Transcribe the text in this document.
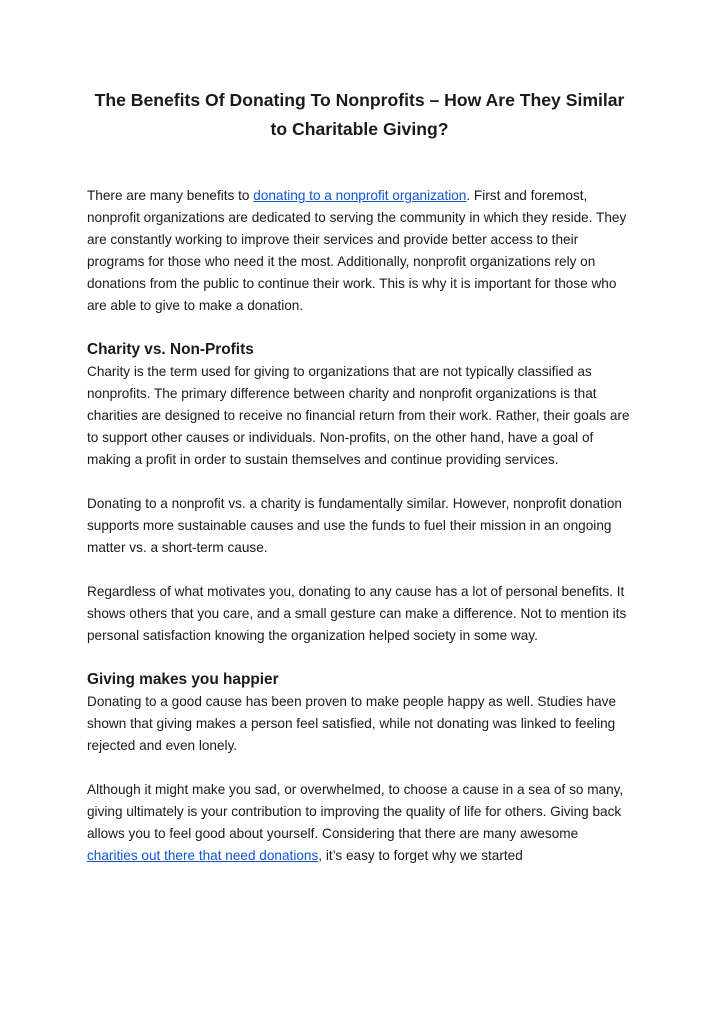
The Benefits Of Donating To Nonprofits – How Are They Similar to Charitable Giving?

There are many benefits to donating to a nonprofit organization. First and foremost, nonprofit organizations are dedicated to serving the community in which they reside. They are constantly working to improve their services and provide better access to their programs for those who need it the most. Additionally, nonprofit organizations rely on donations from the public to continue their work. This is why it is important for those who are able to give to make a donation.

Charity vs. Non-Profits

Charity is the term used for giving to organizations that are not typically classified as nonprofits. The primary difference between charity and nonprofit organizations is that charities are designed to receive no financial return from their work. Rather, their goals are to support other causes or individuals. Non-profits, on the other hand, have a goal of making a profit in order to sustain themselves and continue providing services.

Donating to a nonprofit vs. a charity is fundamentally similar. However, nonprofit donation supports more sustainable causes and use the funds to fuel their mission in an ongoing matter vs. a short-term cause.

Regardless of what motivates you, donating to any cause has a lot of personal benefits. It shows others that you care, and a small gesture can make a difference. Not to mention its personal satisfaction knowing the organization helped society in some way.

Giving makes you happier

Donating to a good cause has been proven to make people happy as well. Studies have shown that giving makes a person feel satisfied, while not donating was linked to feeling rejected and even lonely.

Although it might make you sad, or overwhelmed, to choose a cause in a sea of so many, giving ultimately is your contribution to improving the quality of life for others. Giving back allows you to feel good about yourself. Considering that there are many awesome charities out there that need donations, it’s easy to forget why we started
